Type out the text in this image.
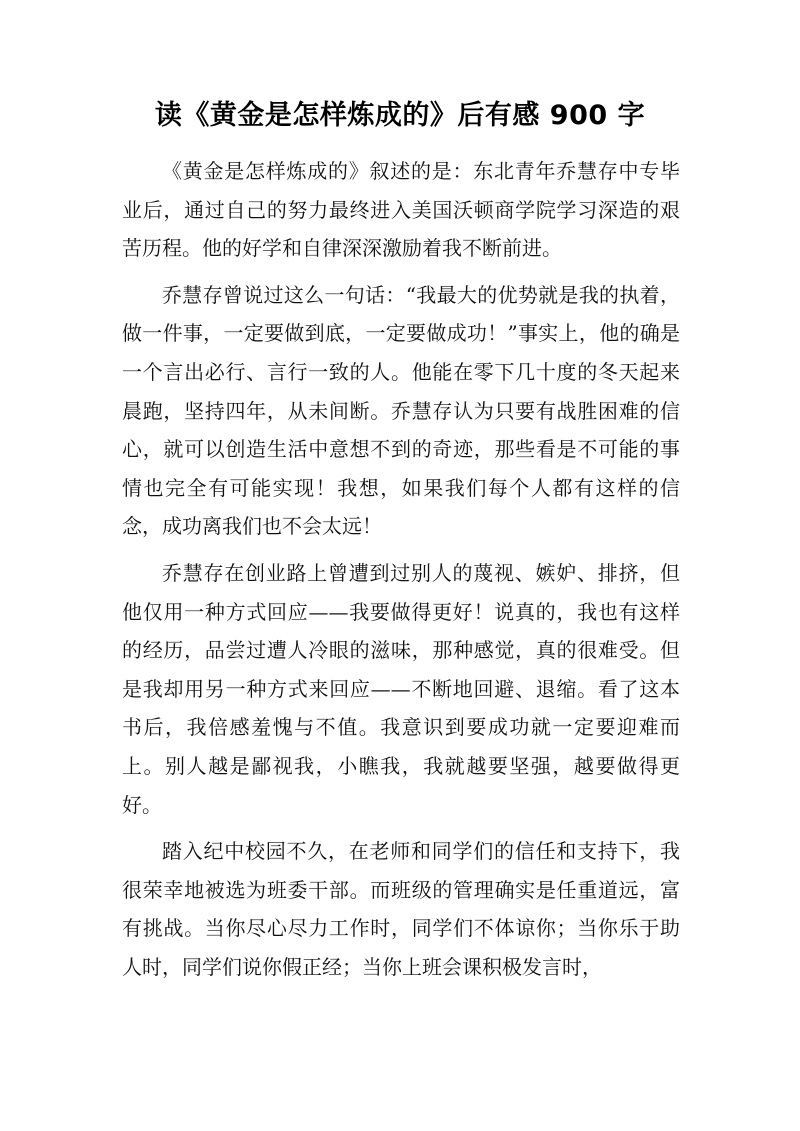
读《黄金是怎样炼成的》后有感 900 字

《黄金是怎样炼成的》叙述的是：东北青年乔慧存中专毕业后，通过自己的努力最终进入美国沃顿商学院学习深造的艰苦历程。他的好学和自律深深激励着我不断前进。

乔慧存曾说过这么一句话：“我最大的优势就是我的执着，做一件事，一定要做到底，一定要做成功！”事实上，他的确是一个言出必行、言行一致的人。他能在零下几十度的冬天起来晨跑，坚持四年，从未间断。乔慧存认为只要有战胜困难的信心，就可以创造生活中意想不到的奇迹，那些看是不可能的事情也完全有可能实现！我想，如果我们每个人都有这样的信念，成功离我们也不会太远！

乔慧存在创业路上曾遭到过别人的蔑视、嫉妒、排挤，但他仅用一种方式回应——我要做得更好！说真的，我也有这样的经历，品尝过遭人冷眼的滋味，那种感觉，真的很难受。但是我却用另一种方式来回应——不断地回避、退缩。看了这本书后，我倍感羞愧与不值。我意识到要成功就一定要迎难而上。别人越是鄙视我，小瞧我，我就越要坚强，越要做得更好。

踏入纪中校园不久，在老师和同学们的信任和支持下，我很荣幸地被选为班委干部。而班级的管理确实是任重道远，富有挑战。当你尽心尽力工作时，同学们不体谅你；当你乐于助人时，同学们说你假正经；当你上班会课积极发言时，
